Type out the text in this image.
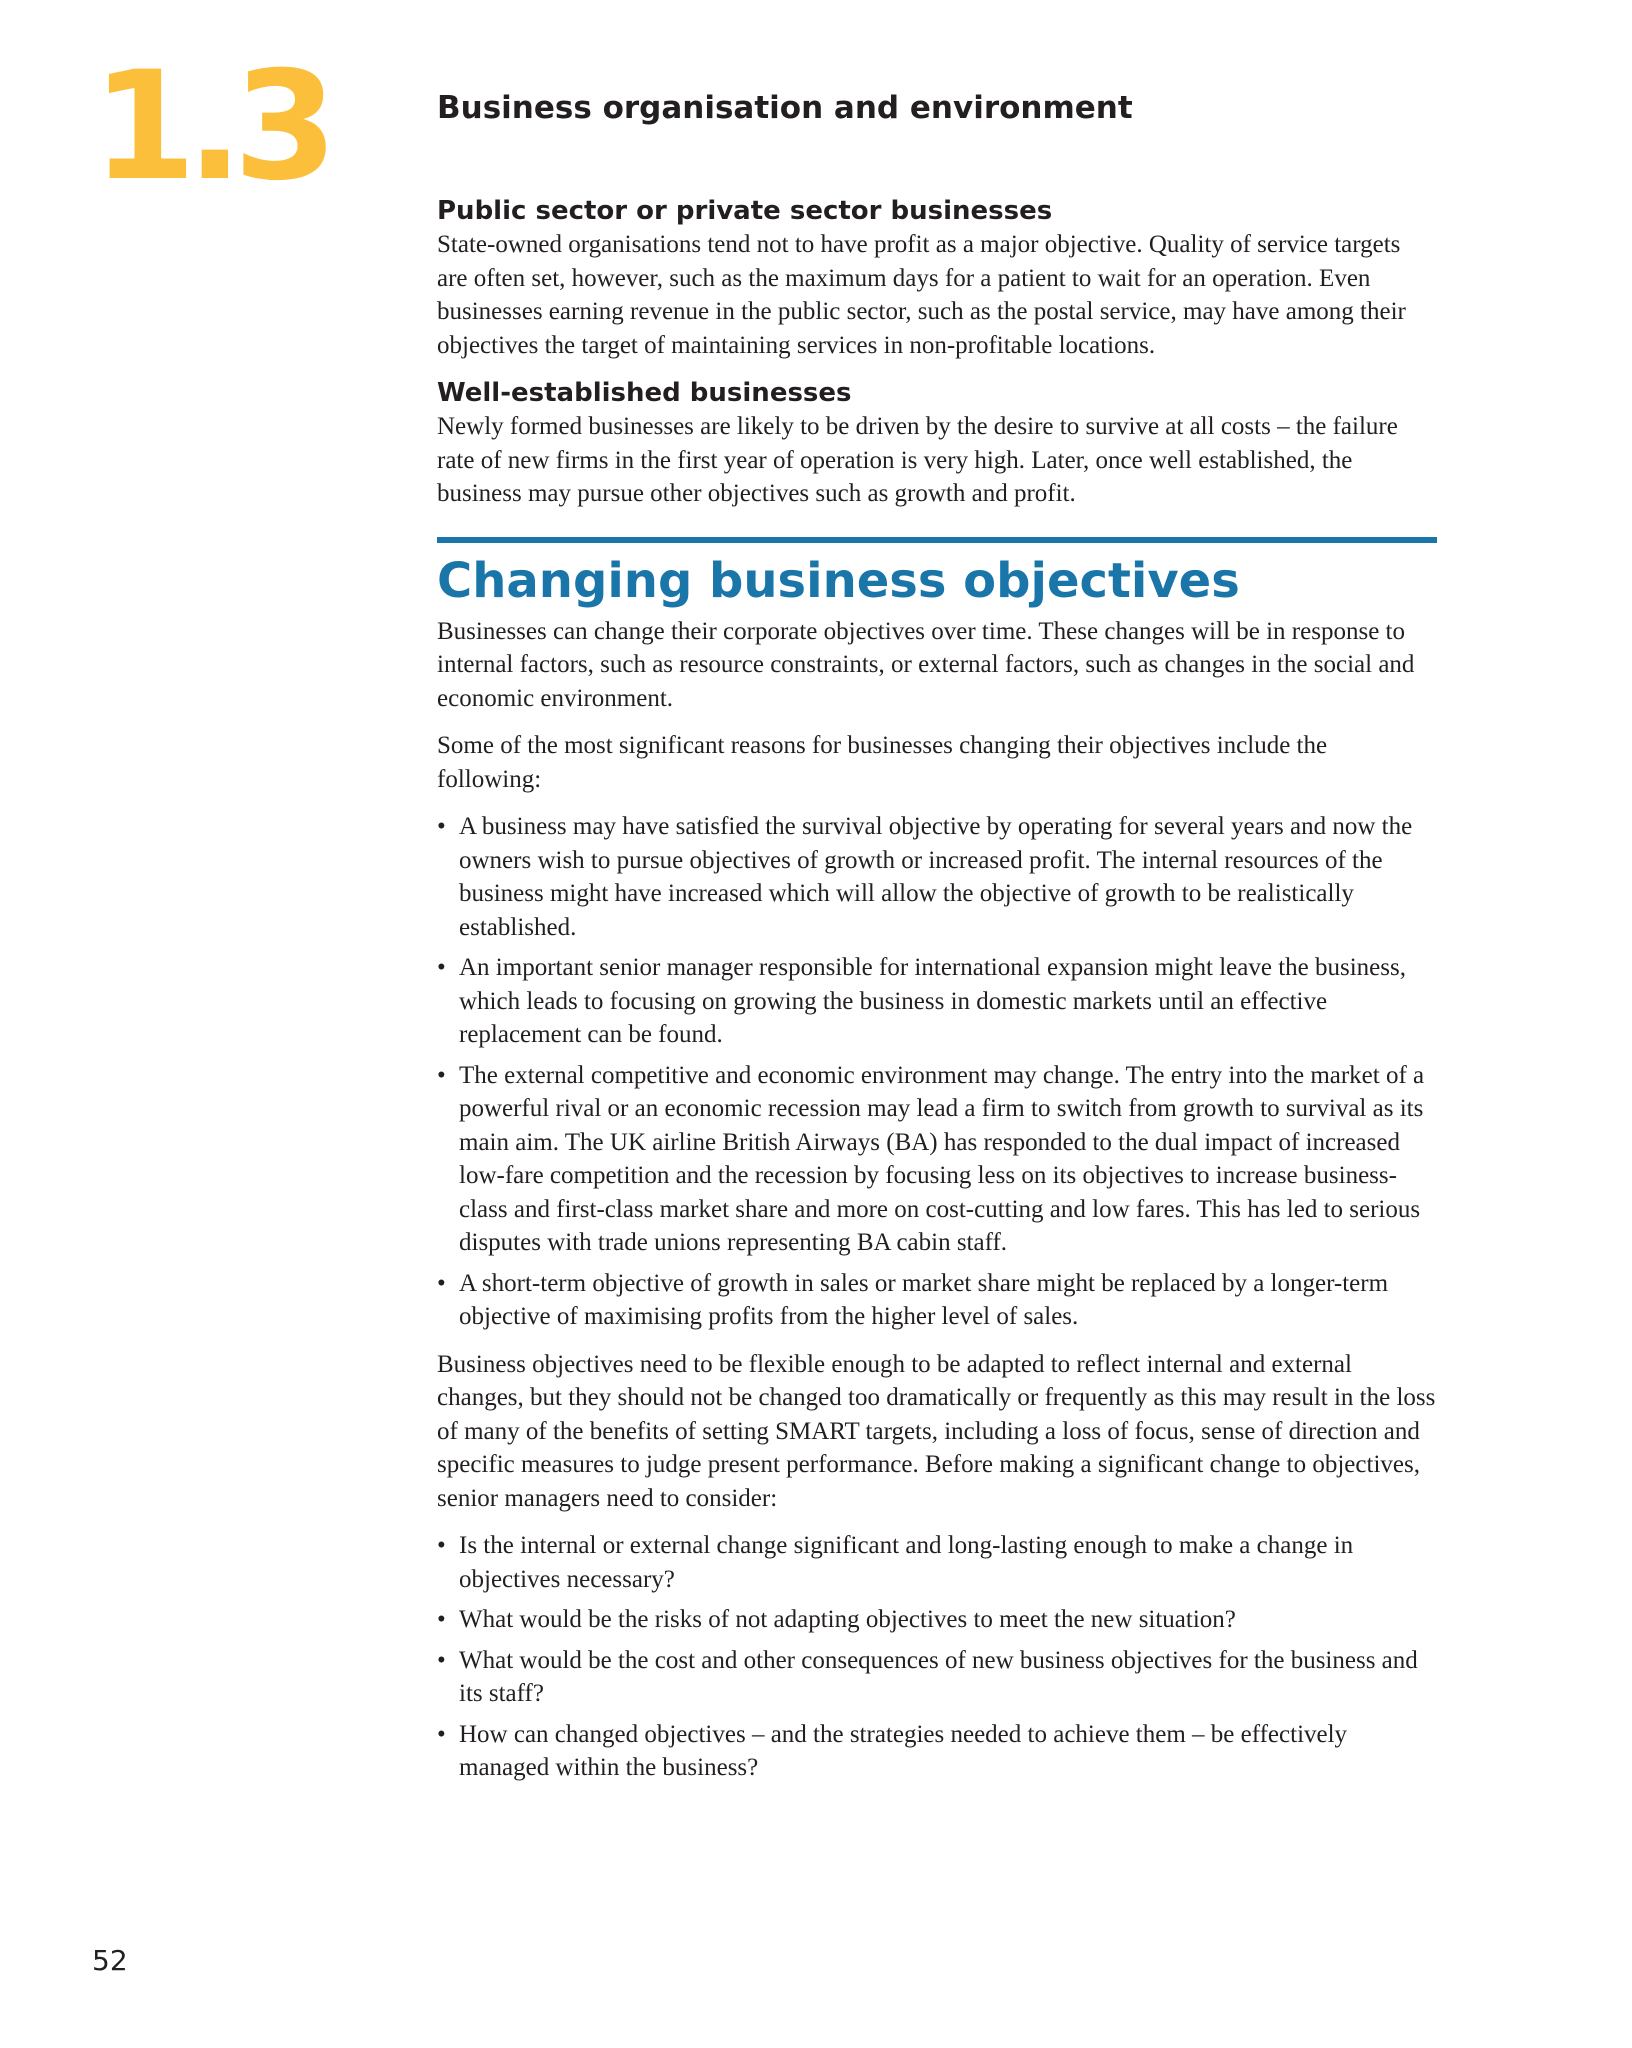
1.3	Business organisation and environment
Public sector or private sector businesses

State-owned organisations tend not to have profit as a major objective. Quality of service targets are often set, however, such as the maximum days for a patient to wait for an operation. Even businesses earning revenue in the public sector, such as the postal service, may have among their objectives the target of maintaining services in non-profitable locations.

Well-established businesses

Newly formed businesses are likely to be driven by the desire to survive at all costs – the failure rate of new firms in the first year of operation is very high. Later, once well established, the business may pursue other objectives such as growth and profit.

Changing business objectives

Businesses can change their corporate objectives over time. These changes will be in response to internal factors, such as resource constraints, or external factors, such as changes in the social and economic environment.

Some of the most significant reasons for businesses changing their objectives include the following:

• A business may have satisfied the survival objective by operating for several years and now the owners wish to pursue objectives of growth or increased profit. The internal resources of the business might have increased which will allow the objective of growth to be realistically established.
• An important senior manager responsible for international expansion might leave the business, which leads to focusing on growing the business in domestic markets until an effective replacement can be found.
• The external competitive and economic environment may change. The entry into the market of a powerful rival or an economic recession may lead a firm to switch from growth to survival as its main aim. The UK airline British Airways (BA) has responded to the dual impact of increased low-fare competition and the recession by focusing less on its objectives to increase business-class and first-class market share and more on cost-cutting and low fares. This has led to serious disputes with trade unions representing BA cabin staff.
• A short-term objective of growth in sales or market share might be replaced by a longer-term objective of maximising profits from the higher level of sales.

Business objectives need to be flexible enough to be adapted to reflect internal and external changes, but they should not be changed too dramatically or frequently as this may result in the loss of many of the benefits of setting SMART targets, including a loss of focus, sense of direction and specific measures to judge present performance. Before making a significant change to objectives, senior managers need to consider:

• Is the internal or external change significant and long-lasting enough to make a change in objectives necessary?
• What would be the risks of not adapting objectives to meet the new situation?
• What would be the cost and other consequences of new business objectives for the business and its staff?
• How can changed objectives – and the strategies needed to achieve them – be effectively managed within the business?
52
